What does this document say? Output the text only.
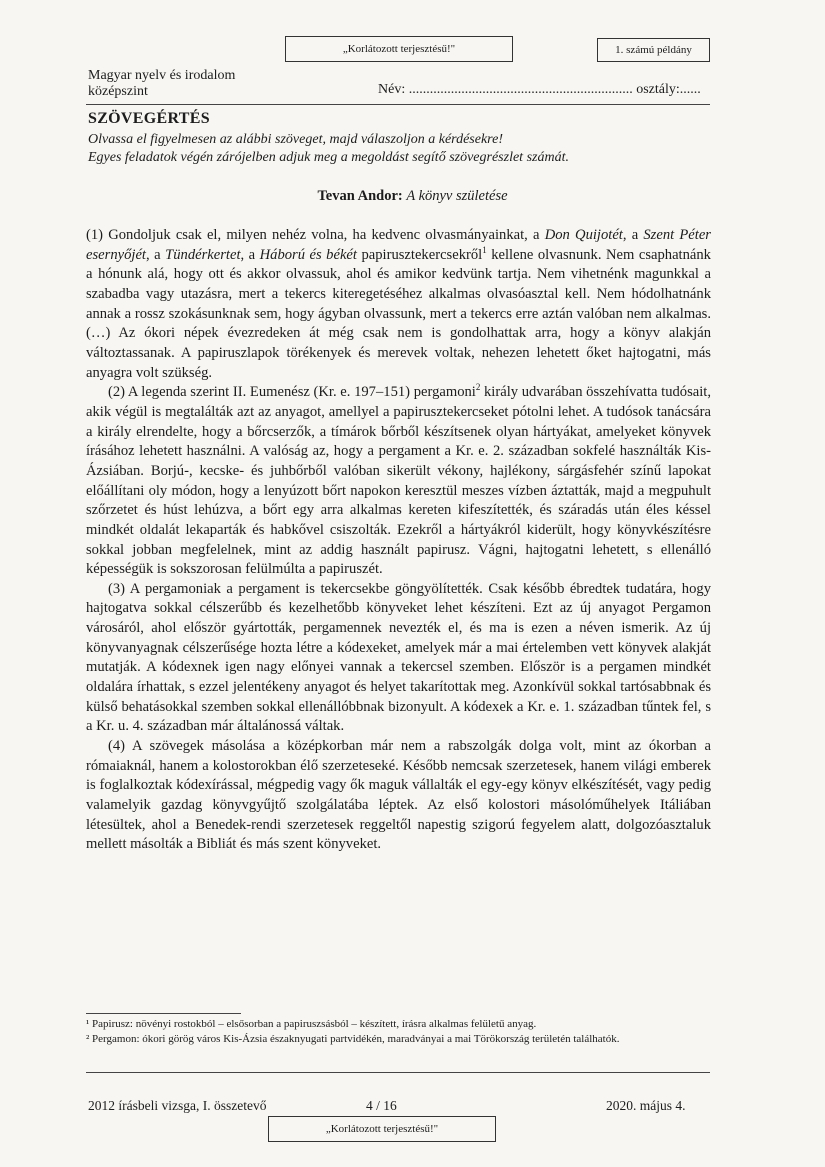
„Korlátozott terjesztésű!"	1. számú példány
Magyar nyelv és irodalom
középszint	Név: ................................................................ osztály:......
SZÖVEGÉRTÉS
Olvassa el figyelmesen az alábbi szöveget, majd válaszoljon a kérdésekre!
Egyes feladatok végén zárójelben adjuk meg a megoldást segítő szövegrészlet számát.
Tevan Andor: A könyv születése

(1) Gondoljuk csak el, milyen nehéz volna, ha kedvenc olvasmányainkat, a Don Quijotét, a Szent Péter esernyőjét, a Tündérkertet, a Háború és békét papirusztekercsekről$^1$ kellene olvasnunk. Nem csaphatnánk a hónunk alá, hogy ott és akkor olvassuk, ahol és amikor kedvünk tartja. Nem vihetnénk magunkkal a szabadba vagy utazásra, mert a tekercs kiteregetéséhez alkalmas olvasóasztal kell. Nem hódolhatnánk annak a rossz szokásunknak sem, hogy ágyban olvassunk, mert a tekercs erre aztán valóban nem alkalmas. (…) Az ókori népek évezredeken át még csak nem is gondolhattak arra, hogy a könyv alakján változtassanak. A papiruszlapok törékenyek és merevek voltak, nehezen lehetett őket hajtogatni, más anyagra volt szükség.

(2) A legenda szerint II. Eumenész (Kr. e. 197–151) pergamoni$^2$ király udvarában összehívatta tudósait, akik végül is megtalálták azt az anyagot, amellyel a papirusztekercseket pótolni lehet. A tudósok tanácsára a király elrendelte, hogy a bőrcserzők, a tímárok bőrből készítsenek olyan hártyákat, amelyeket könyvek írásához lehetett használni. A valóság az, hogy a pergament a Kr. e. 2. században sokfelé használták Kis-Ázsiában. Borjú-, kecske- és juhbőrből valóban sikerült vékony, hajlékony, sárgásfehér színű lapokat előállítani oly módon, hogy a lenyúzott bőrt napokon keresztül meszes vízben áztatták, majd a megpuhult szőrzetet és húst lehúzva, a bőrt egy arra alkalmas kereten kifeszítették, és száradás után éles késsel mindkét oldalát lekaparták és habkővel csiszolták. Ezekről a hártyákról kiderült, hogy könyvkészítésre sokkal jobban megfelelnek, mint az addig használt papirusz. Vágni, hajtogatni lehetett, s ellenálló képességük is sokszorosan felülmúlta a papiruszét.

(3) A pergamoniak a pergament is tekercsekbe göngyölítették. Csak később ébredtek tudatára, hogy hajtogatva sokkal célszerűbb és kezelhetőbb könyveket lehet készíteni. Ezt az új anyagot Pergamon városáról, ahol először gyártották, pergamennek nevezték el, és ma is ezen a néven ismerik. Az új könyvanyagnak célszerűsége hozta létre a kódexeket, amelyek már a mai értelemben vett könyvek alakját mutatják. A kódexnek igen nagy előnyei vannak a tekercsel szemben. Először is a pergamen mindkét oldalára írhattak, s ezzel jelentékeny anyagot és helyet takarítottak meg. Azonkívül sokkal tartósabbnak és külső behatásokkal szemben sokkal ellenállóbbnak bizonyult. A kódexek a Kr. e. 1. században tűntek fel, s a Kr. u. 4. században már általánossá váltak.

(4) A szövegek másolása a középkorban már nem a rabszolgák dolga volt, mint az ókorban a rómaiaknál, hanem a kolostorokban élő szerzeteseké. Később nemcsak szerzetesek, hanem világi emberek is foglalkoztak kódexírással, mégpedig vagy ők maguk vállalták el egy-egy könyv elkészítését, vagy pedig valamelyik gazdag könyvgyűjtő szolgálatába léptek. Az első kolostori másolóműhelyek Itáliában létesültek, ahol a Benedek-rendi szerzetesek reggeltől napestig szigorú fegyelem alatt, dolgozóasztaluk mellett másolták a Bibliát és más szent könyveket.

¹ Papirusz: növényi rostokból – elsősorban a papiruszsásból – készített, írásra alkalmas felületű anyag.
² Pergamon: ókori görög város Kis-Ázsia északnyugati partvidékén, maradványai a mai Törökország területén találhatók.
2012 írásbeli vizsga, I. összetevő	4 / 16	2020. május 4.
„Korlátozott terjesztésű!"
